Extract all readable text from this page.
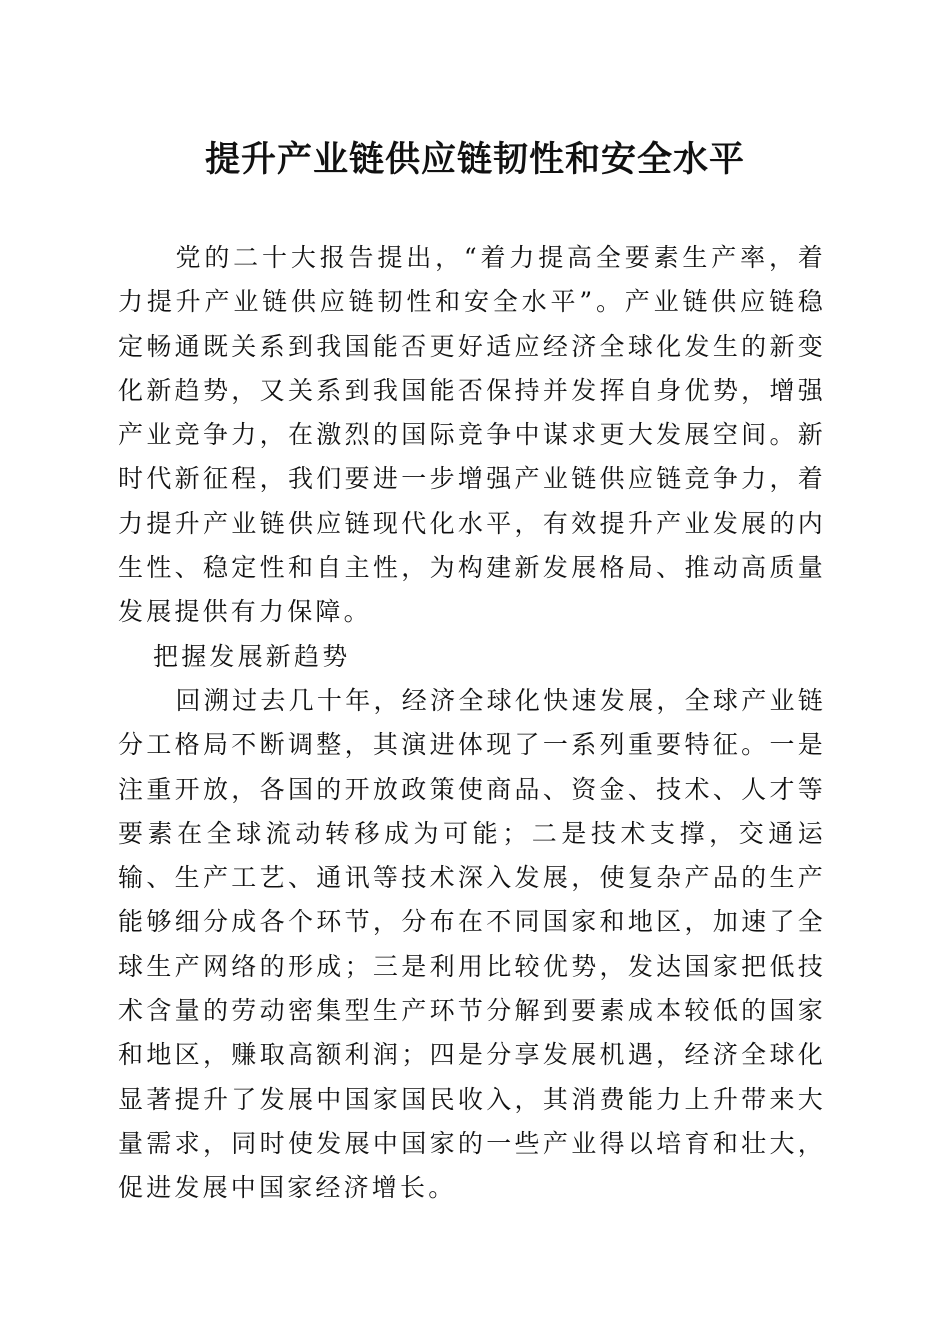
提升产业链供应链韧性和安全水平

党的二十大报告提出，“着力提高全要素生产率，着力提升产业链供应链韧性和安全水平”。产业链供应链稳定畅通既关系到我国能否更好适应经济全球化发生的新变化新趋势，又关系到我国能否保持并发挥自身优势，增强产业竞争力，在激烈的国际竞争中谋求更大发展空间。新时代新征程，我们要进一步增强产业链供应链竞争力，着力提升产业链供应链现代化水平，有效提升产业发展的内生性、稳定性和自主性，为构建新发展格局、推动高质量发展提供有力保障。

把握发展新趋势

回溯过去几十年，经济全球化快速发展，全球产业链分工格局不断调整，其演进体现了一系列重要特征。一是注重开放，各国的开放政策使商品、资金、技术、人才等要素在全球流动转移成为可能；二是技术支撑，交通运输、生产工艺、通讯等技术深入发展，使复杂产品的生产能够细分成各个环节，分布在不同国家和地区，加速了全球生产网络的形成；三是利用比较优势，发达国家把低技术含量的劳动密集型生产环节分解到要素成本较低的国家和地区，赚取高额利润；四是分享发展机遇，经济全球化显著提升了发展中国家国民收入，其消费能力上升带来大量需求，同时使发展中国家的一些产业得以培育和壮大，促进发展中国家经济增长。
